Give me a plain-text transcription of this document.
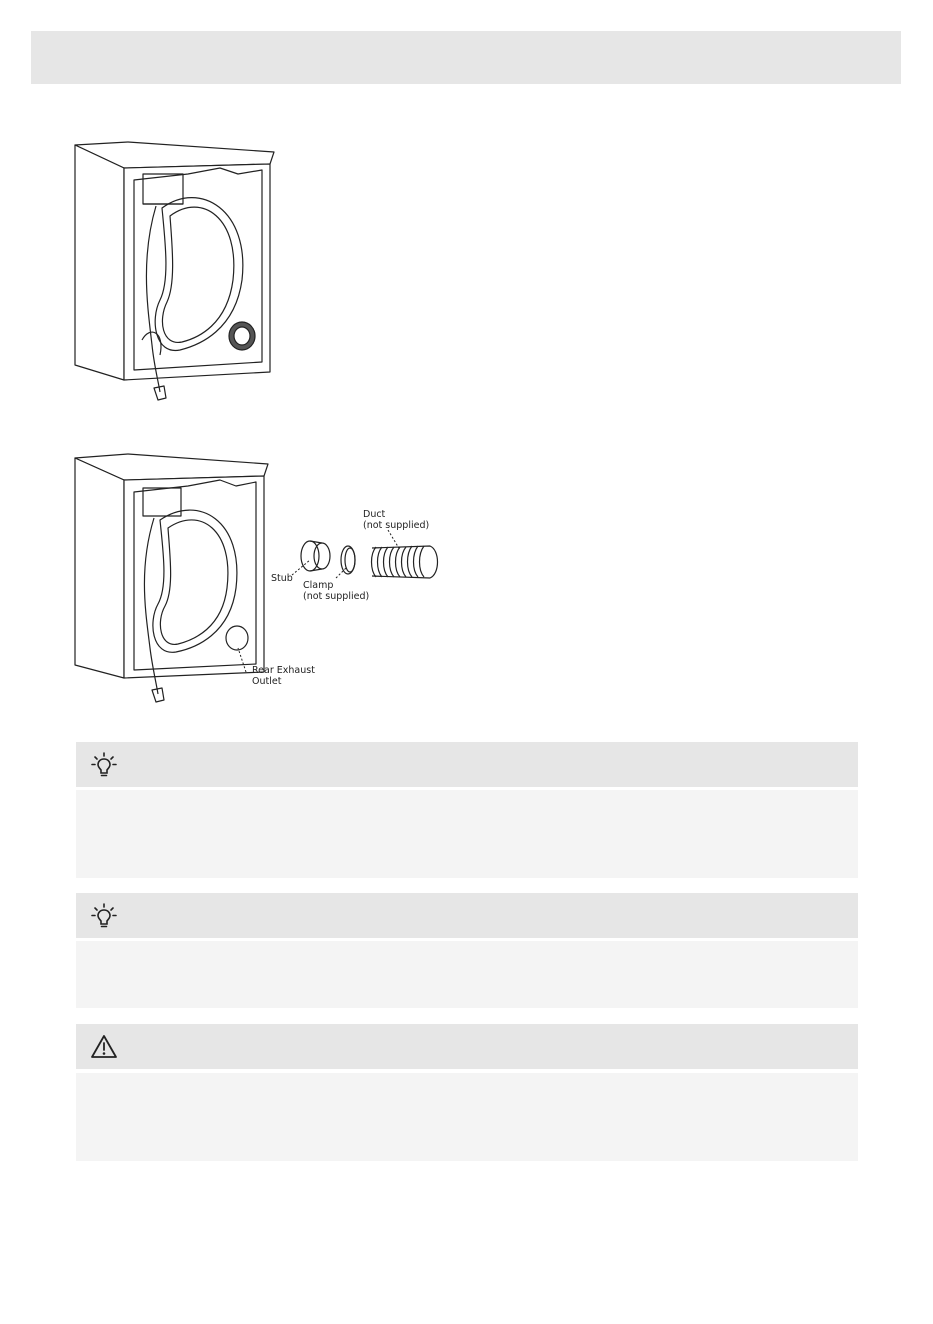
Duct
(not supplied)
Stub
Clamp
(not supplied)
Rear Exhaust
Outlet
